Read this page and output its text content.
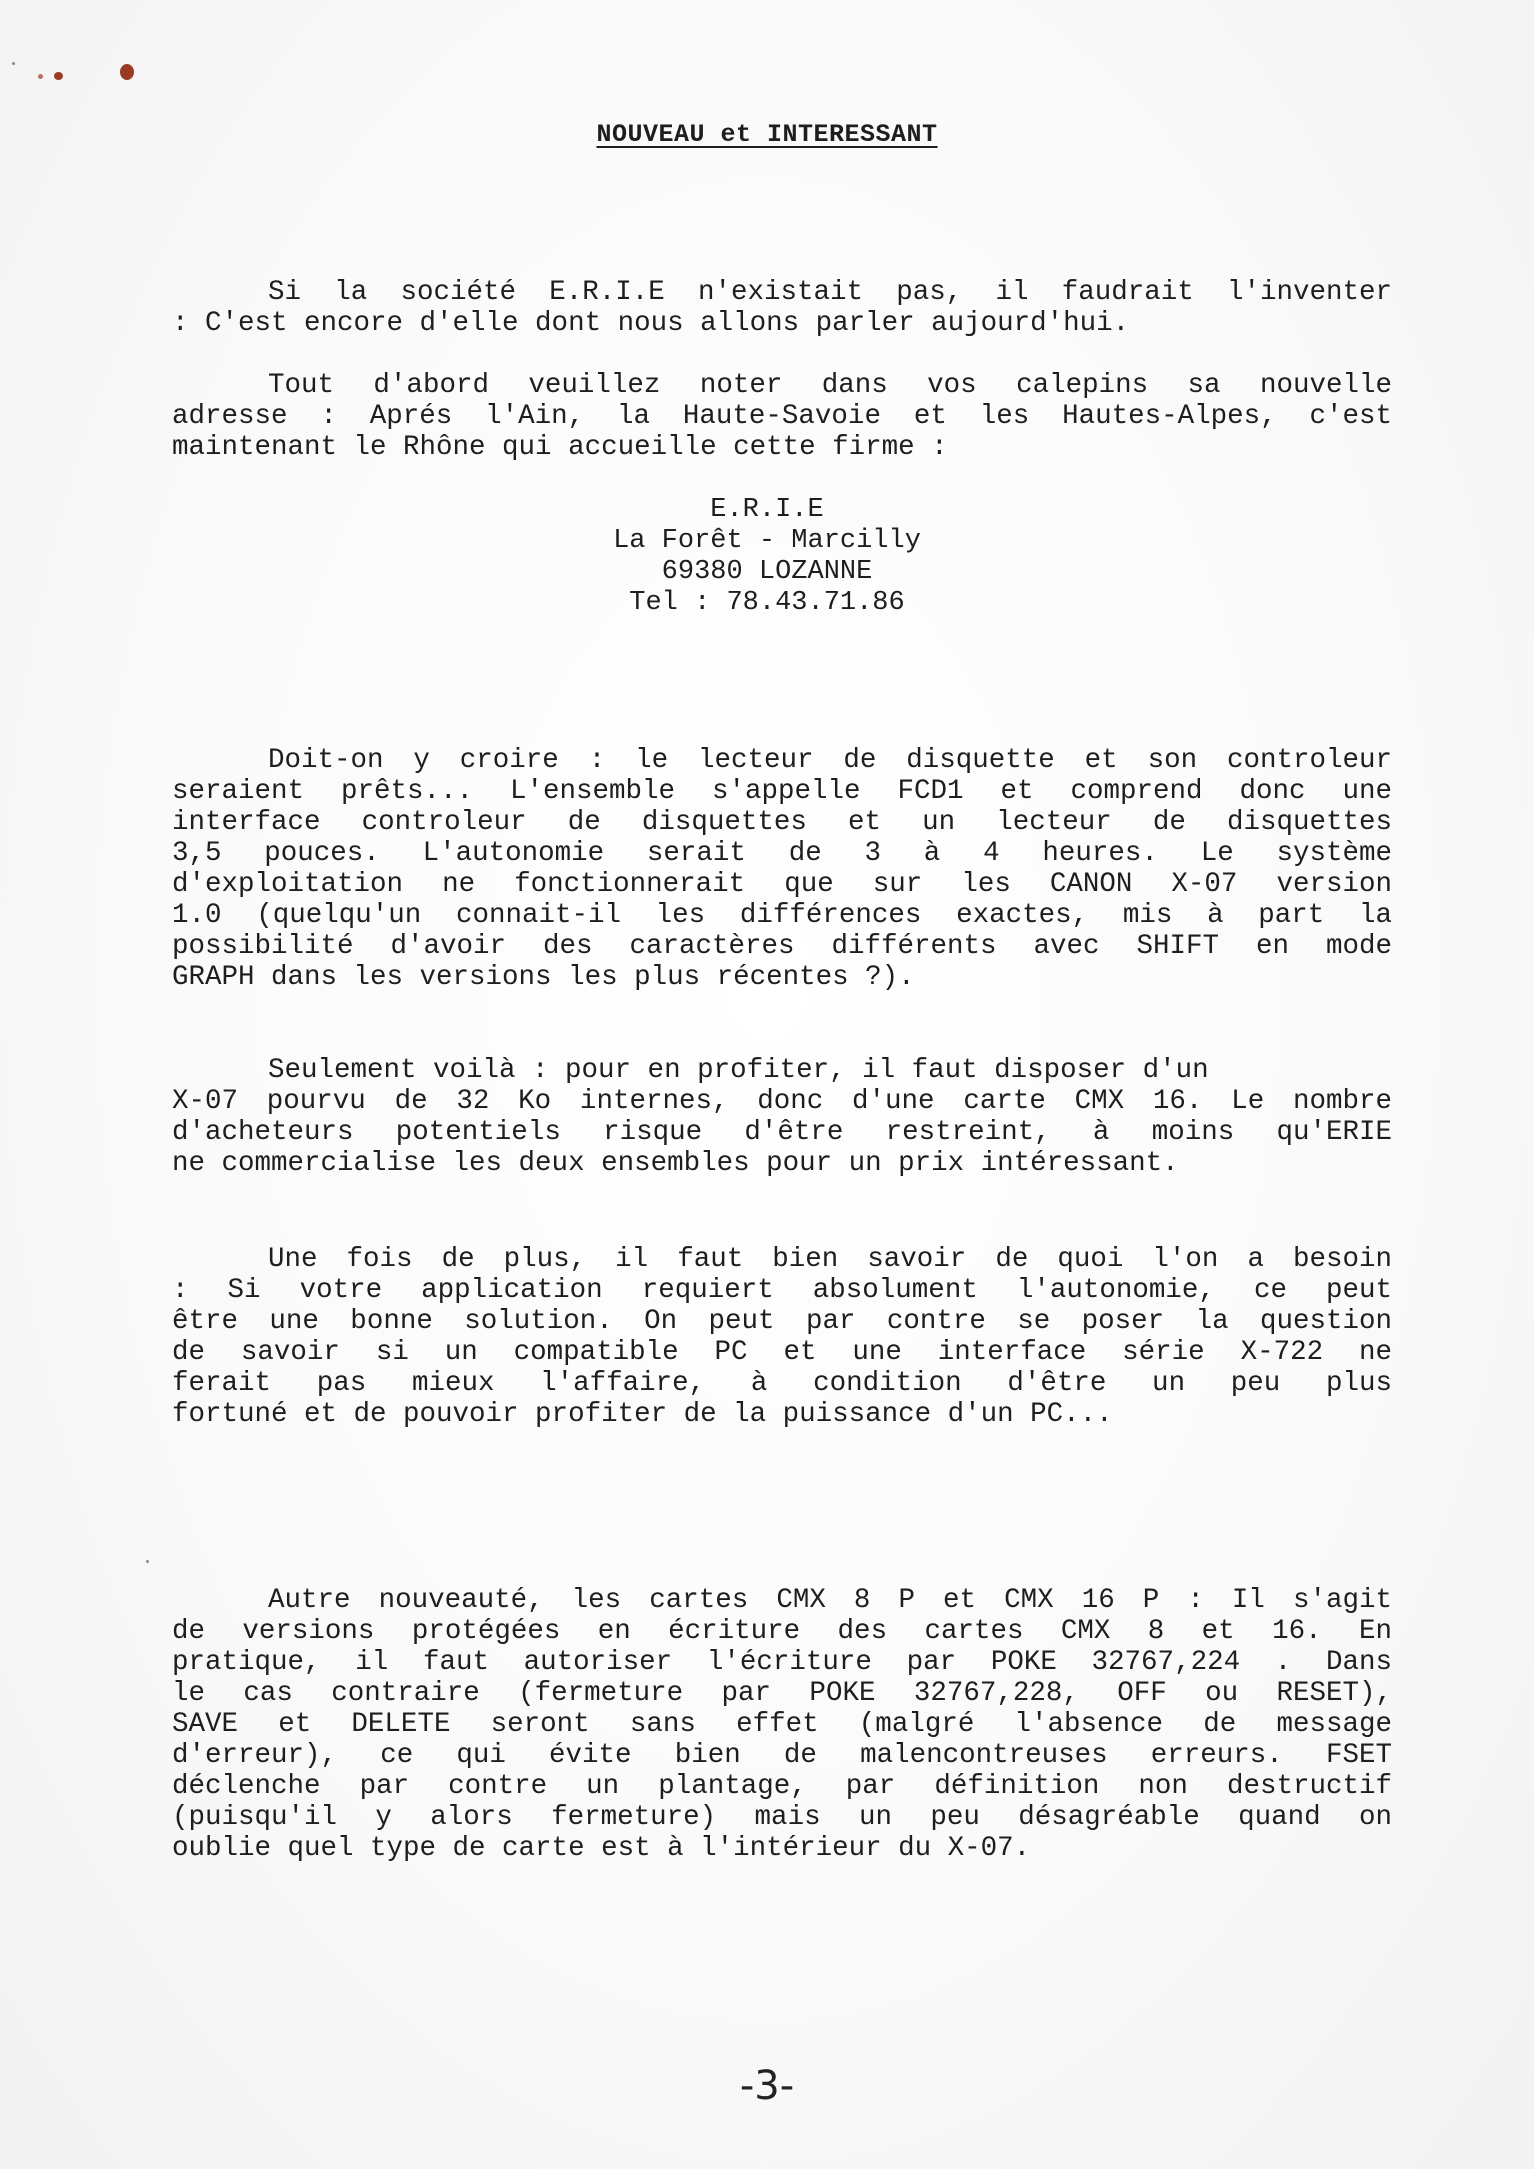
NOUVEAU et INTERESSANT
Si la société E.R.I.E n'existait pas, il faudrait l'inventer
: C'est encore d'elle dont nous allons parler aujourd'hui.
Tout d'abord veuillez noter dans vos calepins sa nouvelle
adresse : Aprés l'Ain, la Haute-Savoie et les Hautes-Alpes, c'est
maintenant le Rhône qui accueille cette firme :
E.R.I.E
La Forêt - Marcilly
69380 LOZANNE
Tel : 78.43.71.86
Doit-on y croire : le lecteur de disquette et son controleur
seraient prêts... L'ensemble s'appelle FCD1 et comprend donc une
interface controleur de disquettes et un lecteur de disquettes
3,5 pouces. L'autonomie serait de 3 à 4 heures. Le système
d'exploitation ne fonctionnerait que sur les CANON X-07 version
1.0 (quelqu'un connait-il les différences exactes, mis à part la
possibilité d'avoir des caractères différents avec SHIFT en mode
GRAPH dans les versions les plus récentes ?).
Seulement voilà : pour en profiter, il faut disposer d'un
X-07 pourvu de 32 Ko internes, donc d'une carte CMX 16. Le nombre
d'acheteurs potentiels risque d'être restreint, à moins qu'ERIE
ne commercialise les deux ensembles pour un prix intéressant.
Une fois de plus, il faut bien savoir de quoi l'on a besoin
: Si votre application requiert absolument l'autonomie, ce peut
être une bonne solution. On peut par contre se poser la question
de savoir si un compatible PC et une interface série X-722 ne
ferait pas mieux l'affaire, à condition d'être un peu plus
fortuné et de pouvoir profiter de la puissance d'un PC...
Autre nouveauté, les cartes CMX 8 P et CMX 16 P : Il s'agit
de versions protégées en écriture des cartes CMX 8 et 16. En
pratique, il faut autoriser l'écriture par POKE 32767,224 . Dans
le cas contraire (fermeture par POKE 32767,228, OFF ou RESET),
SAVE et DELETE seront sans effet (malgré l'absence de message
d'erreur), ce qui évite bien de malencontreuses erreurs. FSET
déclenche par contre un plantage, par définition non destructif
(puisqu'il y alors fermeture) mais un peu désagréable quand on
oublie quel type de carte est à l'intérieur du X-07.
-3-
